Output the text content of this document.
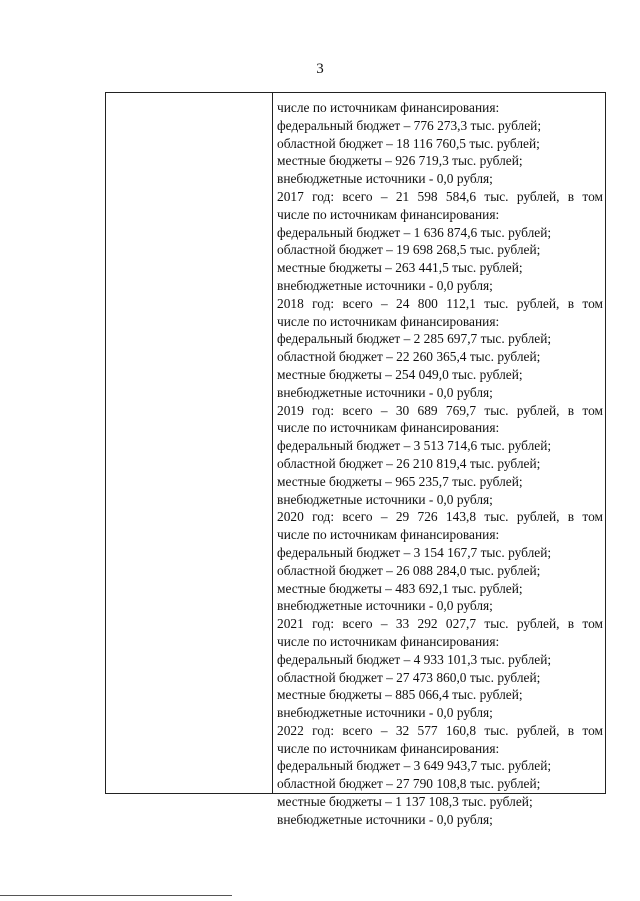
3
числе по источникам финансирования:
федеральный бюджет – 776 273,3 тыс. рублей;
областной бюджет – 18 116 760,5 тыс. рублей;
местные бюджеты – 926 719,3 тыс. рублей;
внебюджетные источники - 0,0 рубля;
2017 год: всего – 21 598 584,6 тыс. рублей, в том
числе по источникам финансирования:
федеральный бюджет – 1 636 874,6 тыс. рублей;
областной бюджет – 19 698 268,5 тыс. рублей;
местные бюджеты – 263 441,5 тыс. рублей;
внебюджетные источники - 0,0 рубля;
2018 год: всего – 24 800 112,1 тыс. рублей, в том
числе по источникам финансирования:
федеральный бюджет – 2 285 697,7 тыс. рублей;
областной бюджет – 22 260 365,4 тыс. рублей;
местные бюджеты – 254 049,0 тыс. рублей;
внебюджетные источники - 0,0 рубля;
2019 год: всего – 30 689 769,7 тыс. рублей, в том
числе по источникам финансирования:
федеральный бюджет – 3 513 714,6 тыс. рублей;
областной бюджет – 26 210 819,4 тыс. рублей;
местные бюджеты – 965 235,7 тыс. рублей;
внебюджетные источники - 0,0 рубля;
2020 год: всего – 29 726 143,8 тыс. рублей, в том
числе по источникам финансирования:
федеральный бюджет – 3 154 167,7 тыс. рублей;
областной бюджет – 26 088 284,0 тыс. рублей;
местные бюджеты – 483 692,1 тыс. рублей;
внебюджетные источники - 0,0 рубля;
2021 год: всего – 33 292 027,7 тыс. рублей, в том
числе по источникам финансирования:
федеральный бюджет – 4 933 101,3 тыс. рублей;
областной бюджет – 27 473 860,0 тыс. рублей;
местные бюджеты – 885 066,4 тыс. рублей;
внебюджетные источники - 0,0 рубля;
2022 год: всего – 32 577 160,8 тыс. рублей, в том
числе по источникам финансирования:
федеральный бюджет – 3 649 943,7 тыс. рублей;
областной бюджет – 27 790 108,8 тыс. рублей;
местные бюджеты – 1 137 108,3 тыс. рублей;
внебюджетные источники - 0,0 рубля;
